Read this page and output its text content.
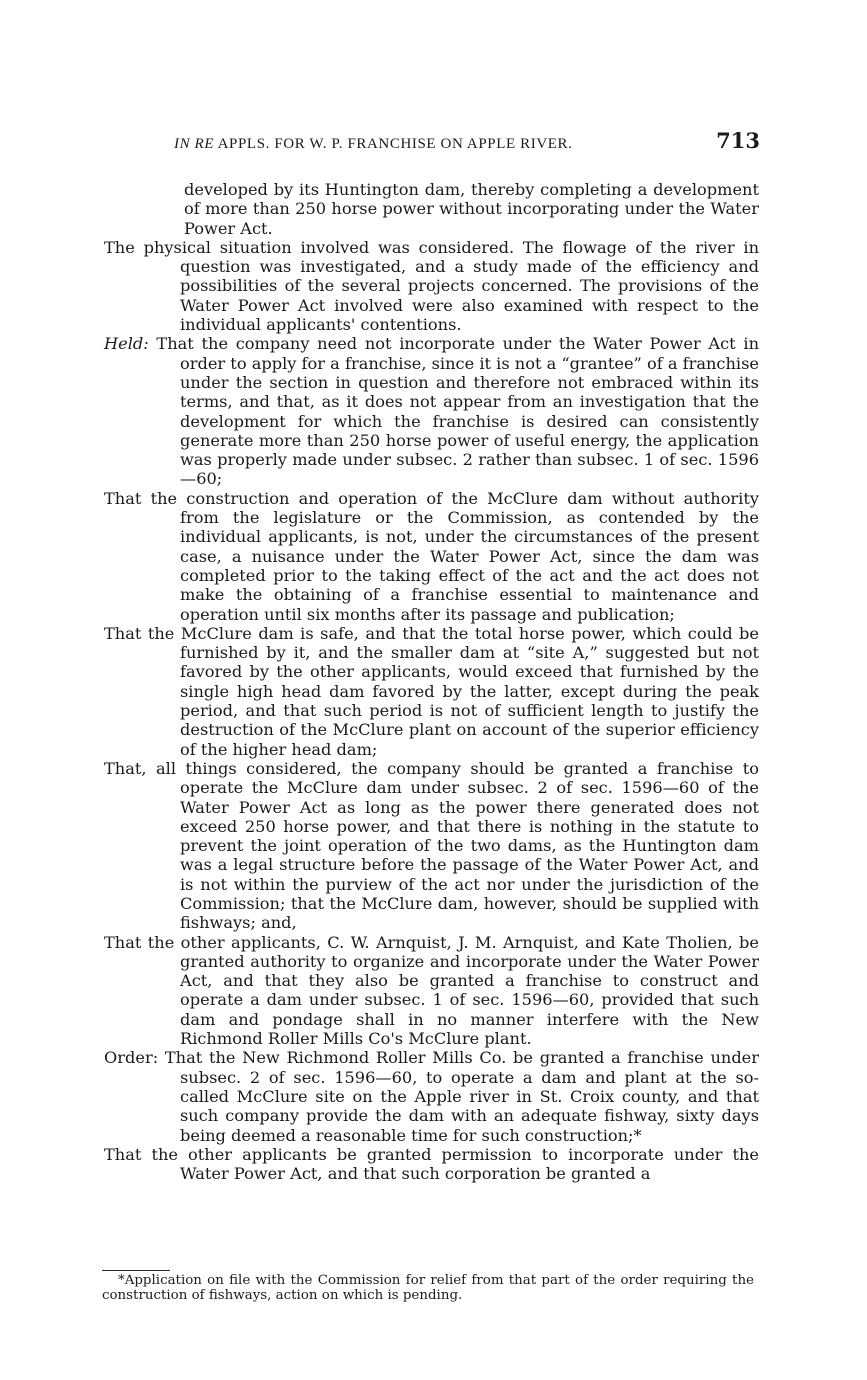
IN RE APPLS. FOR W. P. FRANCHISE ON APPLE RIVER.	713

developed by its Huntington dam, thereby completing a development of more than 250 horse power without incorporating under the Water Power Act.

The physical situation involved was considered. The flowage of the river in question was investigated, and a study made of the efficiency and possibilities of the several projects concerned. The provisions of the Water Power Act involved were also examined with respect to the individual applicants' contentions.

Held: That the company need not incorporate under the Water Power Act in order to apply for a franchise, since it is not a “grantee” of a franchise under the section in question and therefore not embraced within its terms, and that, as it does not appear from an investigation that the development for which the franchise is desired can consistently generate more than 250 horse power of useful energy, the application was properly made under subsec. 2 rather than subsec. 1 of sec. 1596—60;

That the construction and operation of the McClure dam without authority from the legislature or the Commission, as contended by the individual applicants, is not, under the circumstances of the present case, a nuisance under the Water Power Act, since the dam was completed prior to the taking effect of the act and the act does not make the obtaining of a franchise essential to maintenance and operation until six months after its passage and publication;

That the McClure dam is safe, and that the total horse power, which could be furnished by it, and the smaller dam at “site A,” suggested but not favored by the other applicants, would exceed that furnished by the single high head dam favored by the latter, except during the peak period, and that such period is not of sufficient length to justify the destruction of the McClure plant on account of the superior efficiency of the higher head dam;

That, all things considered, the company should be granted a franchise to operate the McClure dam under subsec. 2 of sec. 1596—60 of the Water Power Act as long as the power there generated does not exceed 250 horse power, and that there is nothing in the statute to prevent the joint operation of the two dams, as the Huntington dam was a legal structure before the passage of the Water Power Act, and is not within the purview of the act nor under the jurisdiction of the Commission; that the McClure dam, however, should be supplied with fishways; and,

That the other applicants, C. W. Arnquist, J. M. Arnquist, and Kate Tholien, be granted authority to organize and incorporate under the Water Power Act, and that they also be granted a franchise to construct and operate a dam under subsec. 1 of sec. 1596—60, provided that such dam and pondage shall in no manner interfere with the New Richmond Roller Mills Co's McClure plant.

Order: That the New Richmond Roller Mills Co. be granted a franchise under subsec. 2 of sec. 1596—60, to operate a dam and plant at the so-called McClure site on the Apple river in St. Croix county, and that such company provide the dam with an adequate fishway, sixty days being deemed a reasonable time for such construction;*

That the other applicants be granted permission to incorporate under the Water Power Act, and that such corporation be granted a

*Application on file with the Commission for relief from that part of the order requiring the construction of fishways, action on which is pending.
